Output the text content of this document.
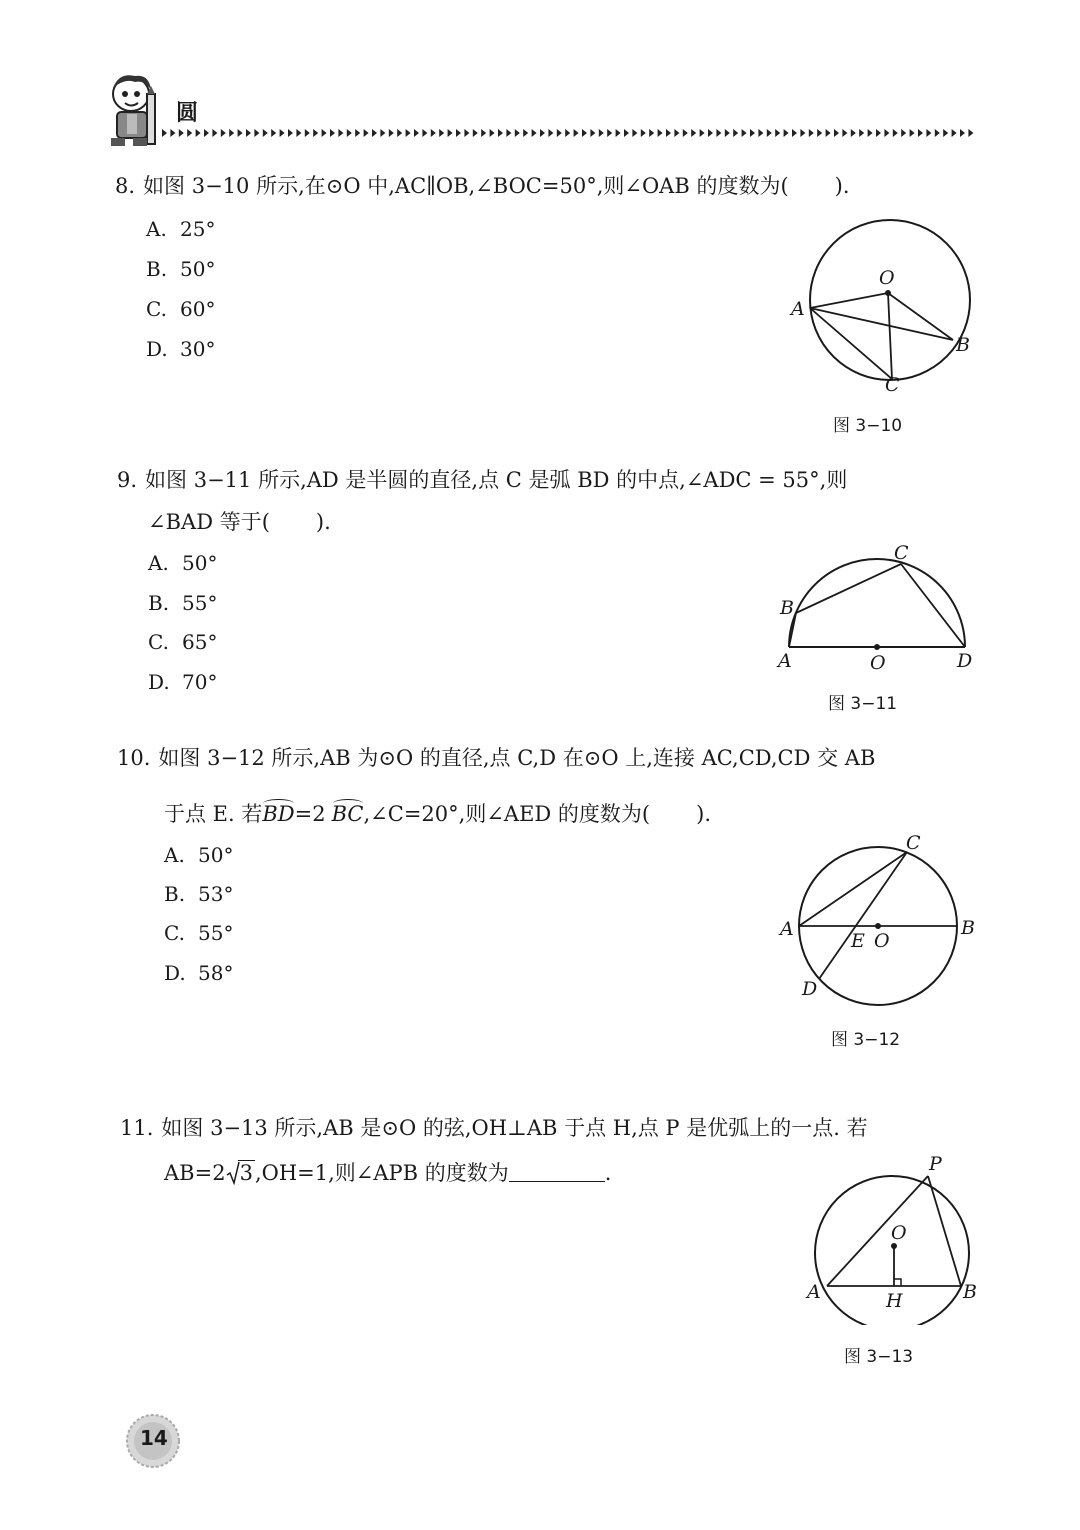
圆
8. 如图 3−10 所示,在⊙O 中,AC∥OB,∠BOC=50°,则∠OAB 的度数为( ).
A. 25°
B. 50°
C. 60°
D. 30°
O
A
B
C
图 3−10
9. 如图 3−11 所示,AD 是半圆的直径,点 C 是弧 BD 的中点,∠ADC = 55°,则
∠BAD 等于( ).
A. 50°
B. 55°
C. 65°
D. 70°
C
B
A	O	D
图 3−11
10. 如图 3−12 所示,AB 为⊙O 的直径,点 C,D 在⊙O 上,连接 AC,CD,CD 交 AB
于点 E. 若
BD=2 BC,∠C=20°,则∠AED 的度数为( ).
A. 50°
B. 53°
C. 55°
D. 58°
C
A
E O
B
D
图 3−12
11. 如图 3−13 所示,AB 是⊙O 的弦,OH⊥AB 于点 H,点 P 是优弧上的一点. 若
AB=2 3,OH=1,则∠APB 的度数为	.	P
O
A	H	B
图 3−13
14
